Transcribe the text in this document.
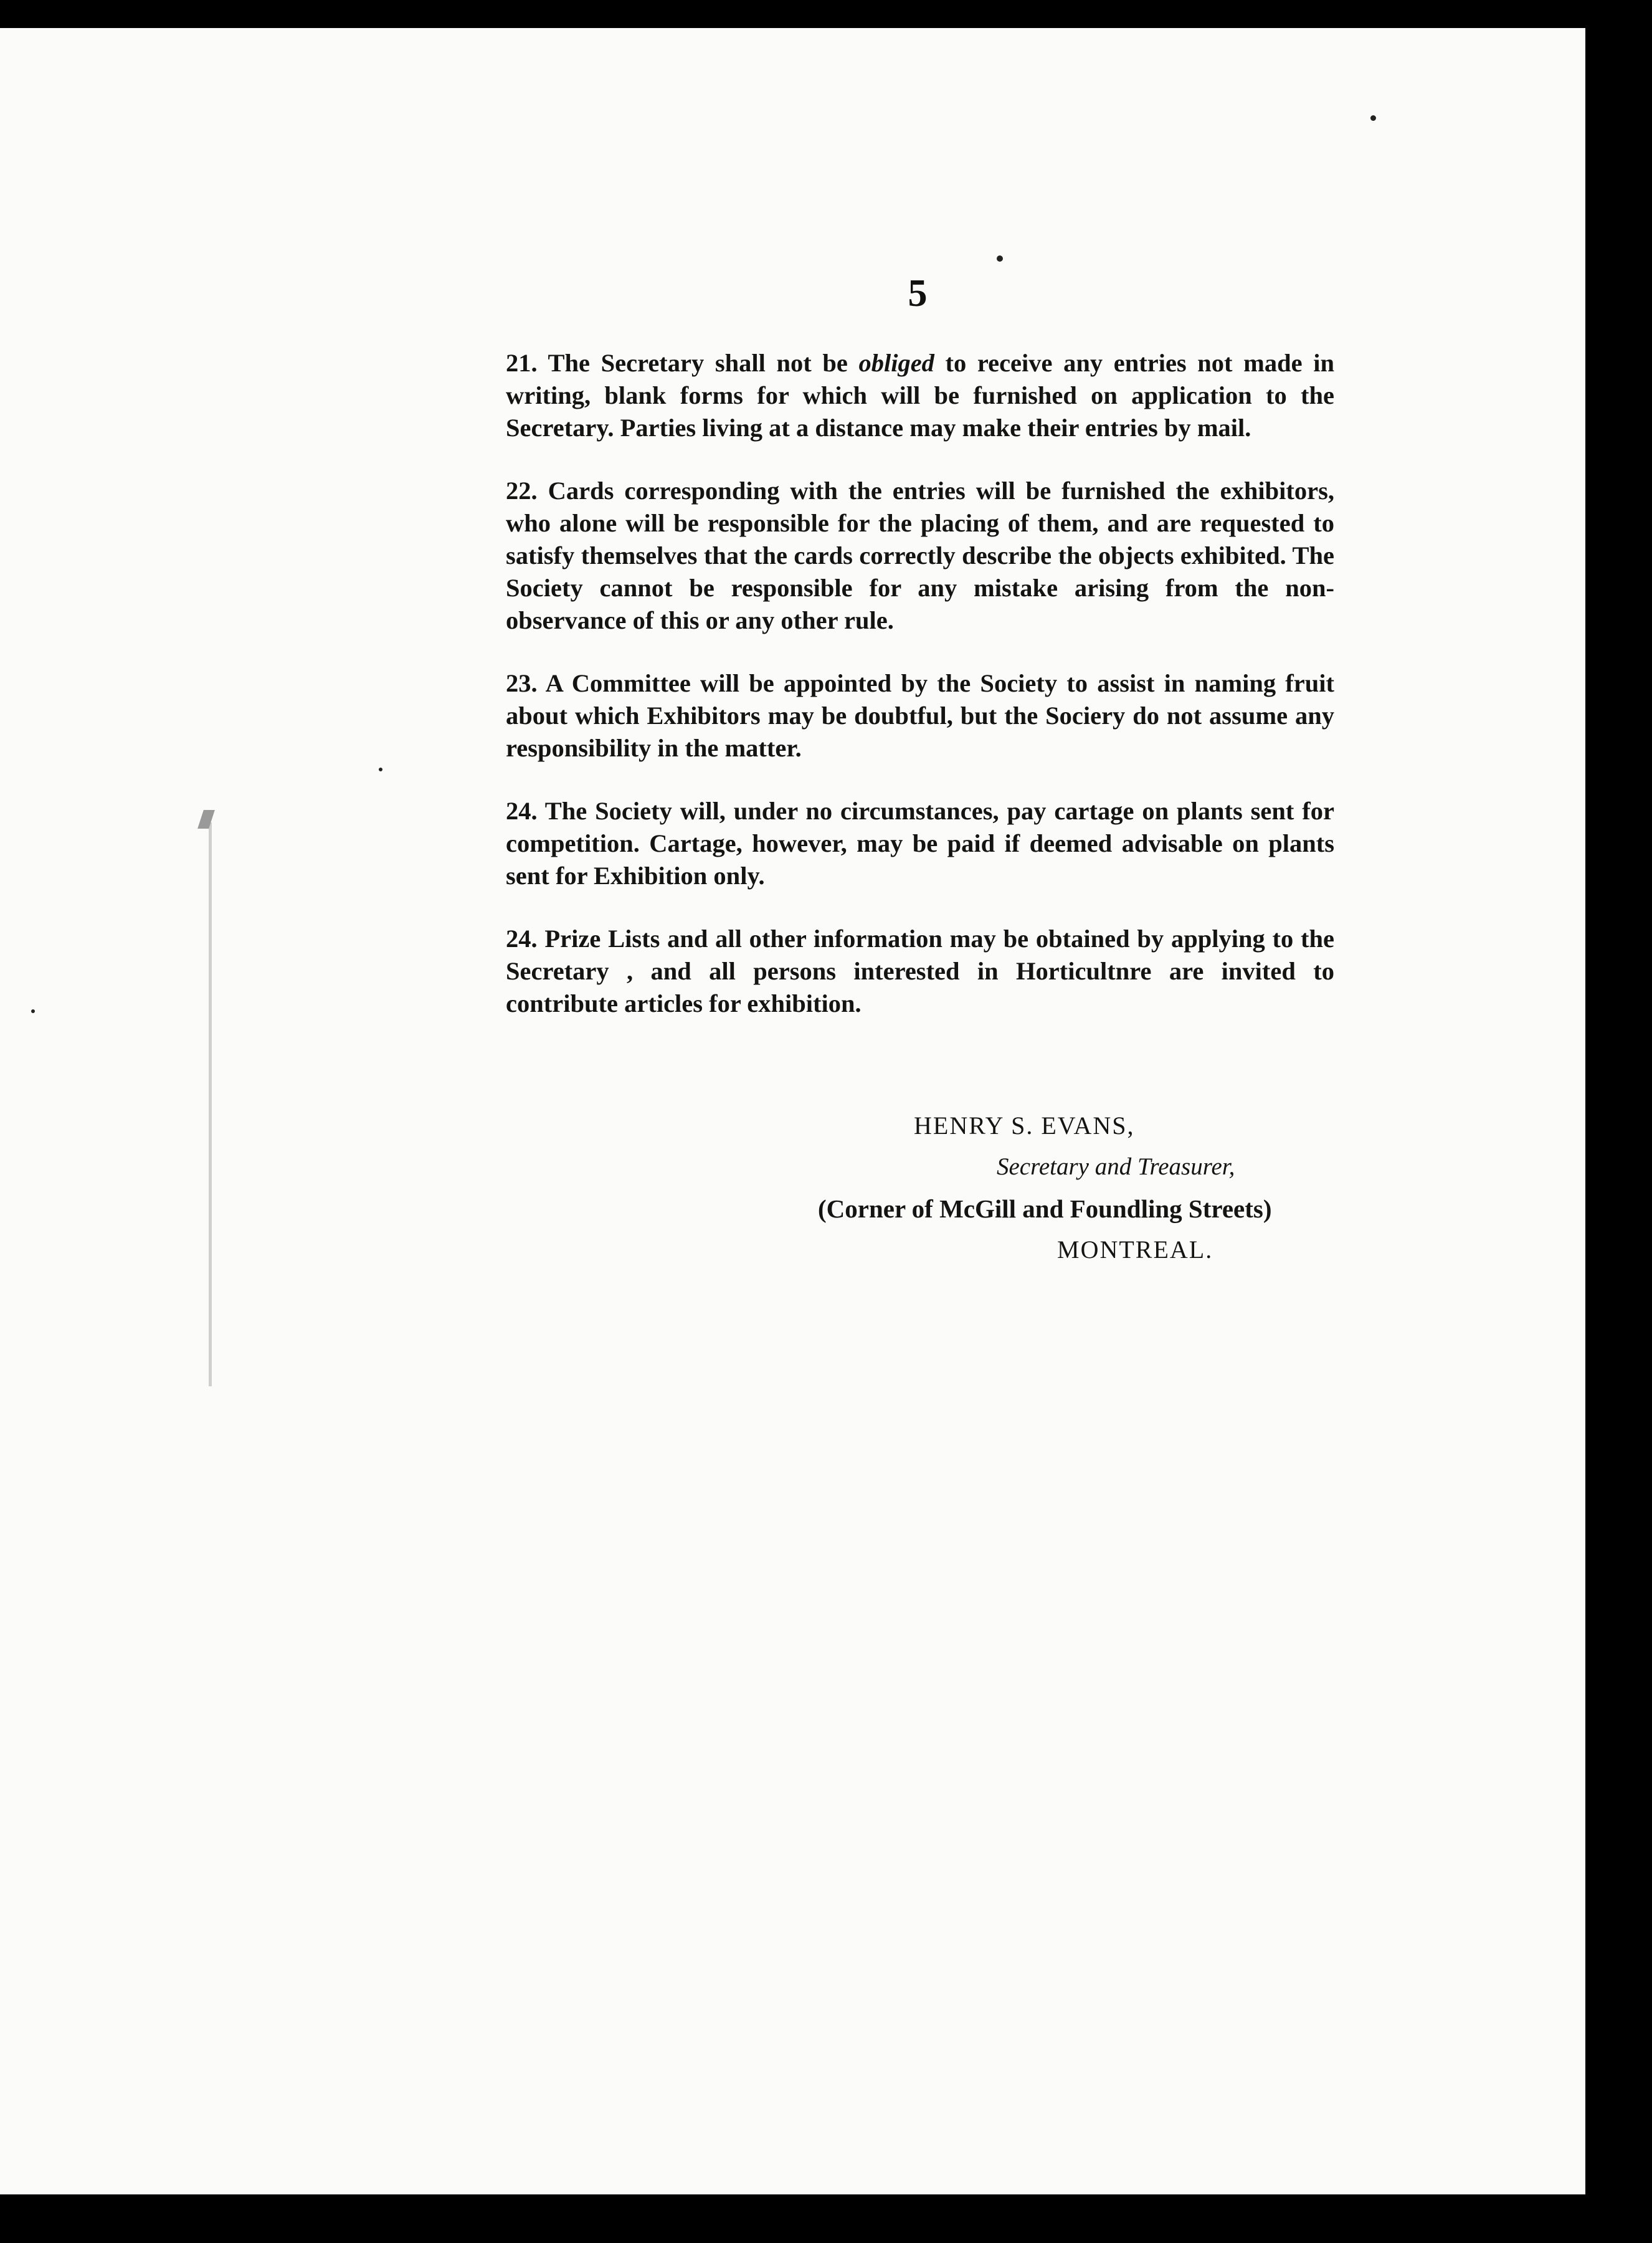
5

21. The Secretary shall not be obliged to receive any entries not made in writing, blank forms for which will be furnished on application to the Secretary. Parties living at a distance may make their entries by mail.

22. Cards corresponding with the entries will be furnished the exhibitors, who alone will be responsible for the placing of them, and are requested to satisfy themselves that the cards correctly describe the objects exhibited. The Society cannot be responsible for any mistake arising from the non-observance of this or any other rule.

23. A Committee will be appointed by the Society to assist in naming fruit about which Exhibitors may be doubtful, but the Sociery do not assume any responsibility in the matter.

24. The Society will, under no circumstances, pay cartage on plants sent for competition. Cartage, however, may be paid if deemed advisable on plants sent for Exhibition only.

24. Prize Lists and all other information may be obtained by applying to the Secretary , and all persons interested in Horticultnre are invited to contribute articles for exhibition.

HENRY S. EVANS,
Secretary and Treasurer,
(Corner of McGill and Foundling Streets)
MONTREAL.
